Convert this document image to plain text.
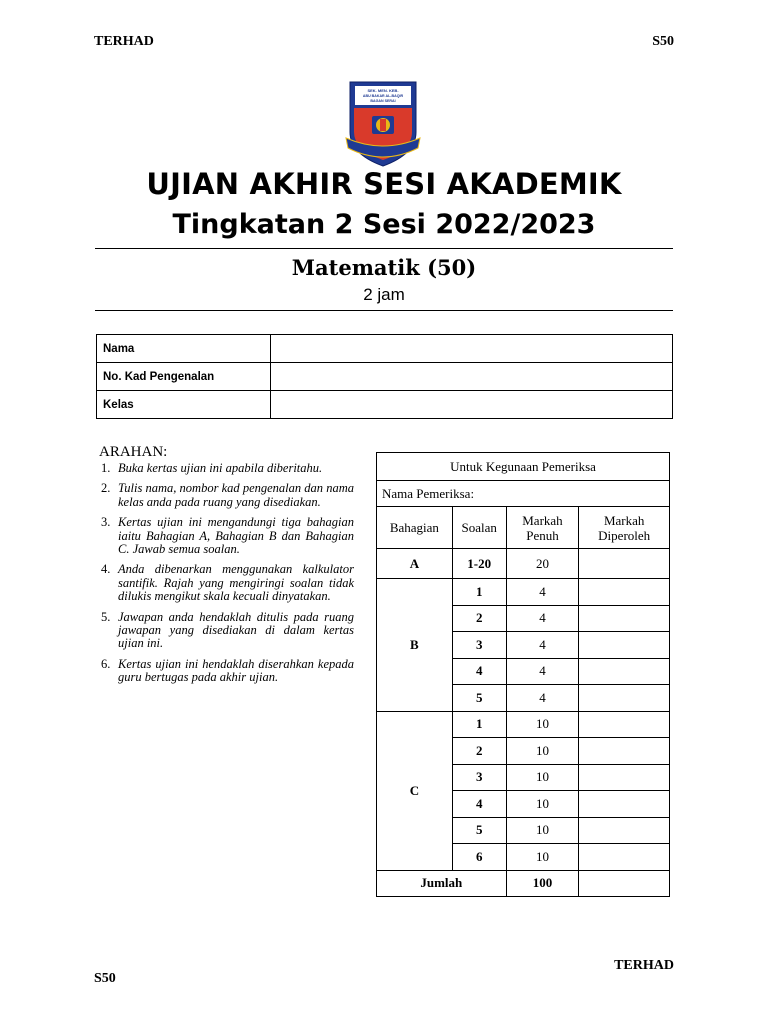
TERHAD	S50
SEK. MEN. KEB.
ABU BAKAR AL-BAQIR
BAGAN SERAI
UJIAN AKHIR SESI AKADEMIK
Tingkatan 2 Sesi 2022/2023
Matematik (50)
2 jam
Nama	
No. Kad Pengenalan	
Kelas	
ARAHAN:
1. Buka kertas ujian ini apabila diberitahu.
2. Tulis nama, nombor kad pengenalan dan nama kelas anda pada ruang yang disediakan.
3. Kertas ujian ini mengandungi tiga bahagian iaitu Bahagian A, Bahagian B dan Bahagian C. Jawab semua soalan.
4. Anda dibenarkan menggunakan kalkulator santifik. Rajah yang mengiringi soalan tidak dilukis mengikut skala kecuali dinyatakan.
5. Jawapan anda hendaklah ditulis pada ruang jawapan yang disediakan di dalam kertas ujian ini.
6. Kertas ujian ini hendaklah diserahkan kepada guru bertugas pada akhir ujian.
Untuk Kegunaan Pemeriksa			
Nama Pemeriksa:			
Bahagian	Soalan	Markah Penuh	Markah Diperoleh
A	1-20	20	
B	1	4	
	2	4	
	3	4	
	4	4	
	5	4	
C	1	10	
	2	10	
	3	10	
	4	10	
	5	10	
	6	10	
Jumlah		100	
TERHAD
S50
